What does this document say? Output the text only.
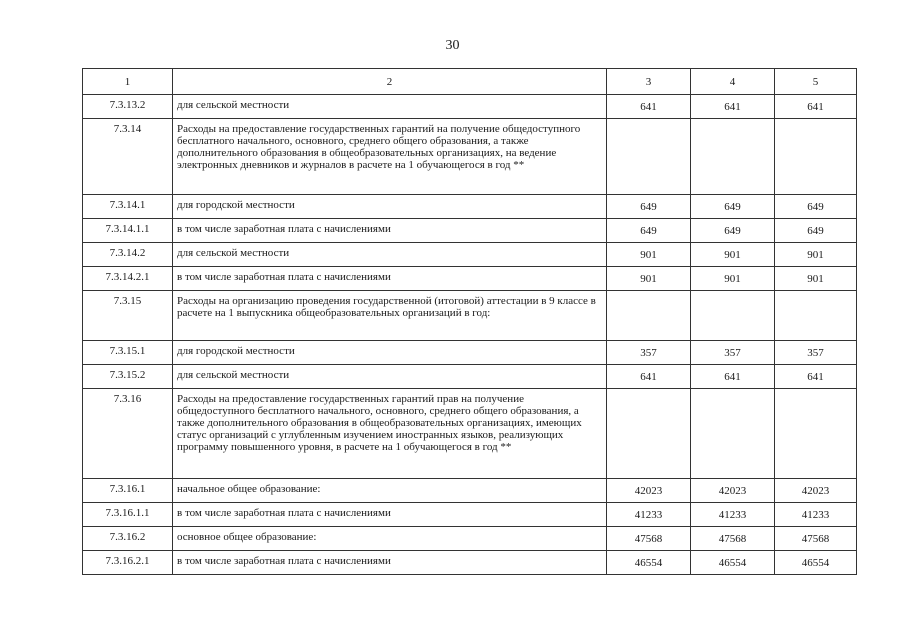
30
1	2	3	4	5
7.3.13.2	для сельской местности	641	641	641
7.3.14	Расходы на предоставление государственных гарантий на получение общедоступного бесплатного начального, основного, среднего общего образования, а также дополнительного образования в общеобразовательных организациях, на ведение электронных дневников и журналов в расчете на 1 обучающегося в год **			
7.3.14.1	для городской местности	649	649	649
7.3.14.1.1	в том числе заработная плата с начислениями	649	649	649
7.3.14.2	для сельской местности	901	901	901
7.3.14.2.1	в том числе заработная плата с начислениями	901	901	901
7.3.15	Расходы на организацию проведения государственной (итоговой) аттестации в 9 классе в расчете на 1 выпускника общеобразовательных организаций в год:			
7.3.15.1	для городской местности	357	357	357
7.3.15.2	для сельской местности	641	641	641
7.3.16	Расходы на предоставление государственных гарантий прав на получение общедоступного бесплатного начального, основного, среднего общего образования, а также дополнительного образования в общеобразовательных организациях, имеющих статус организаций с углубленным изучением иностранных языков, реализующих программу повышенного уровня, в расчете на 1 обучающегося в год **			
7.3.16.1	начальное общее образование:	42023	42023	42023
7.3.16.1.1	в том числе заработная плата с начислениями	41233	41233	41233
7.3.16.2	основное общее образование:	47568	47568	47568
7.3.16.2.1	в том числе заработная плата с начислениями	46554	46554	46554
